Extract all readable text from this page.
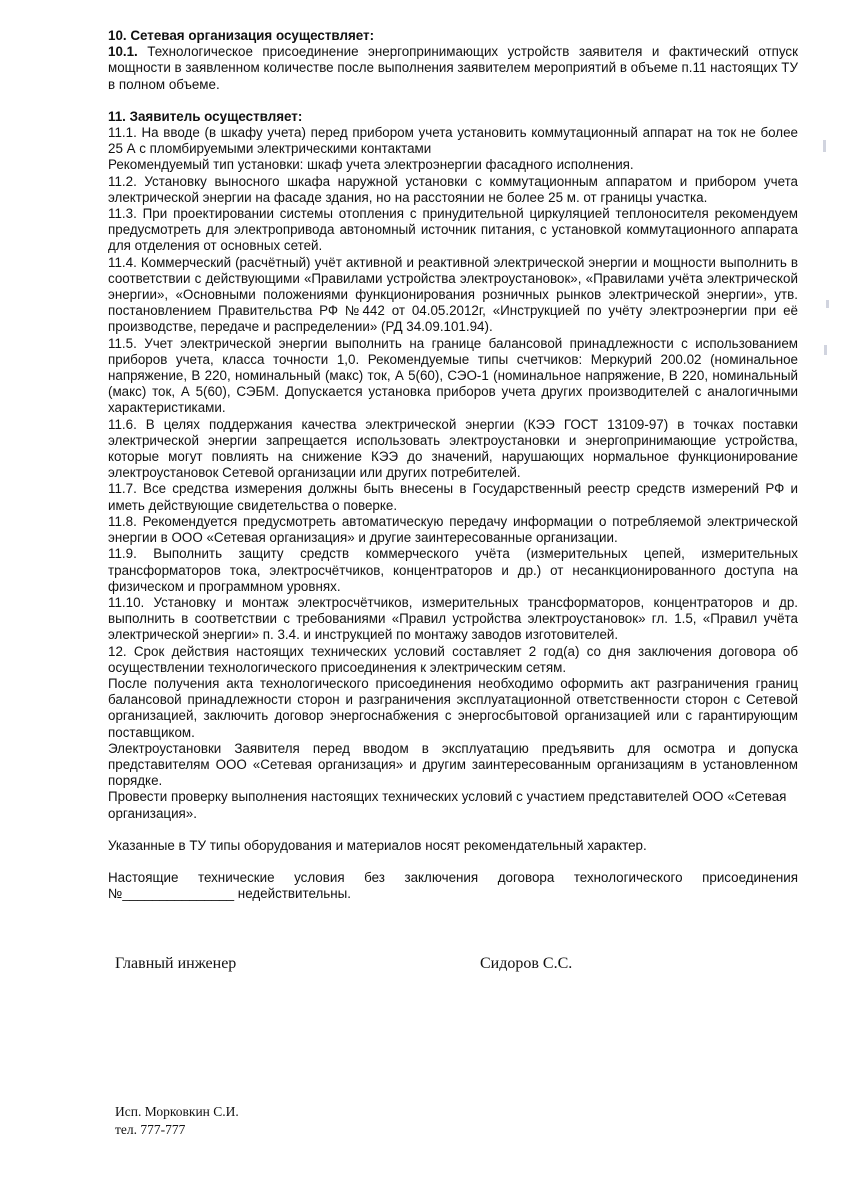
10. Сетевая организация осуществляет:

10.1. Технологическое присоединение энергопринимающих устройств заявителя и фактический отпуск мощности в заявленном количестве после выполнения заявителем мероприятий в объеме п.11 настоящих ТУ в полном объеме.

11. Заявитель осуществляет:

11.1. На вводе (в шкафу учета) перед прибором учета установить коммутационный аппарат на ток не более 25 А с пломбируемыми электрическими контактами

Рекомендуемый тип установки: шкаф учета электроэнергии фасадного исполнения.

11.2. Установку выносного шкафа наружной установки с коммутационным аппаратом и прибором учета электрической энергии на фасаде здания, но на расстоянии не более 25 м. от границы участка.

11.3. При проектировании системы отопления с принудительной циркуляцией теплоносителя рекомендуем предусмотреть для электропривода автономный источник питания, с установкой коммутационного аппарата для отделения от основных сетей.

11.4. Коммерческий (расчётный) учёт активной и реактивной электрической энергии и мощности выполнить в соответствии с действующими «Правилами устройства электроустановок», «Правилами учёта электрической энергии», «Основными положениями функционирования розничных рынков электрической энергии», утв. постановлением Правительства РФ №442 от 04.05.2012г, «Инструкцией по учёту электроэнергии при её производстве, передаче и распределении» (РД 34.09.101.94).

11.5. Учет электрической энергии выполнить на границе балансовой принадлежности с использованием приборов учета, класса точности 1,0. Рекомендуемые типы счетчиков: Меркурий 200.02 (номинальное напряжение, В 220, номинальный (макс) ток, А 5(60), СЭО-1 (номинальное напряжение, В 220, номинальный (макс) ток, А 5(60), СЭБМ. Допускается установка приборов учета других производителей с аналогичными характеристиками.

11.6. В целях поддержания качества электрической энергии (КЭЭ ГОСТ 13109-97) в точках поставки электрической энергии запрещается использовать электроустановки и энергопринимающие устройства, которые могут повлиять на снижение КЭЭ до значений, нарушающих нормальное функционирование электроустановок Сетевой организации или других потребителей.

11.7. Все средства измерения должны быть внесены в Государственный реестр средств измерений РФ и иметь действующие свидетельства о поверке.

11.8. Рекомендуется предусмотреть автоматическую передачу информации о потребляемой электрической энергии в ООО «Сетевая организация» и другие заинтересованные организации.

11.9. Выполнить защиту средств коммерческого учёта (измерительных цепей, измерительных трансформаторов тока, электросчётчиков, концентраторов и др.) от несанкционированного доступа на физическом и программном уровнях.

11.10. Установку и монтаж электросчётчиков, измерительных трансформаторов, концентраторов и др. выполнить в соответствии с требованиями «Правил устройства электроустановок» гл. 1.5, «Правил учёта электрической энергии» п. 3.4. и инструкцией по монтажу заводов изготовителей.

12. Срок действия настоящих технических условий составляет 2 год(а) со дня заключения договора об осуществлении технологического присоединения к электрическим сетям.

После получения акта технологического присоединения необходимо оформить акт разграничения границ балансовой принадлежности сторон и разграничения эксплуатационной ответственности сторон с Сетевой организацией, заключить договор энергоснабжения с энергосбытовой организацией или с гарантирующим поставщиком.

Электроустановки Заявителя перед вводом в эксплуатацию предъявить для осмотра и допуска представителям ООО «Сетевая организация» и другим заинтересованным организациям в установленном порядке.

Провести проверку выполнения настоящих технических условий с участием представителей ООО «Сетевая организация».

Указанные в ТУ типы оборудования и материалов носят рекомендательный характер.

Настоящие технические условия без заключения договора технологического присоединения №_______________ недействительны.

Главный инженер	Сидоров С.С.
Исп. Морковкин С.И.
тел. 777-777
